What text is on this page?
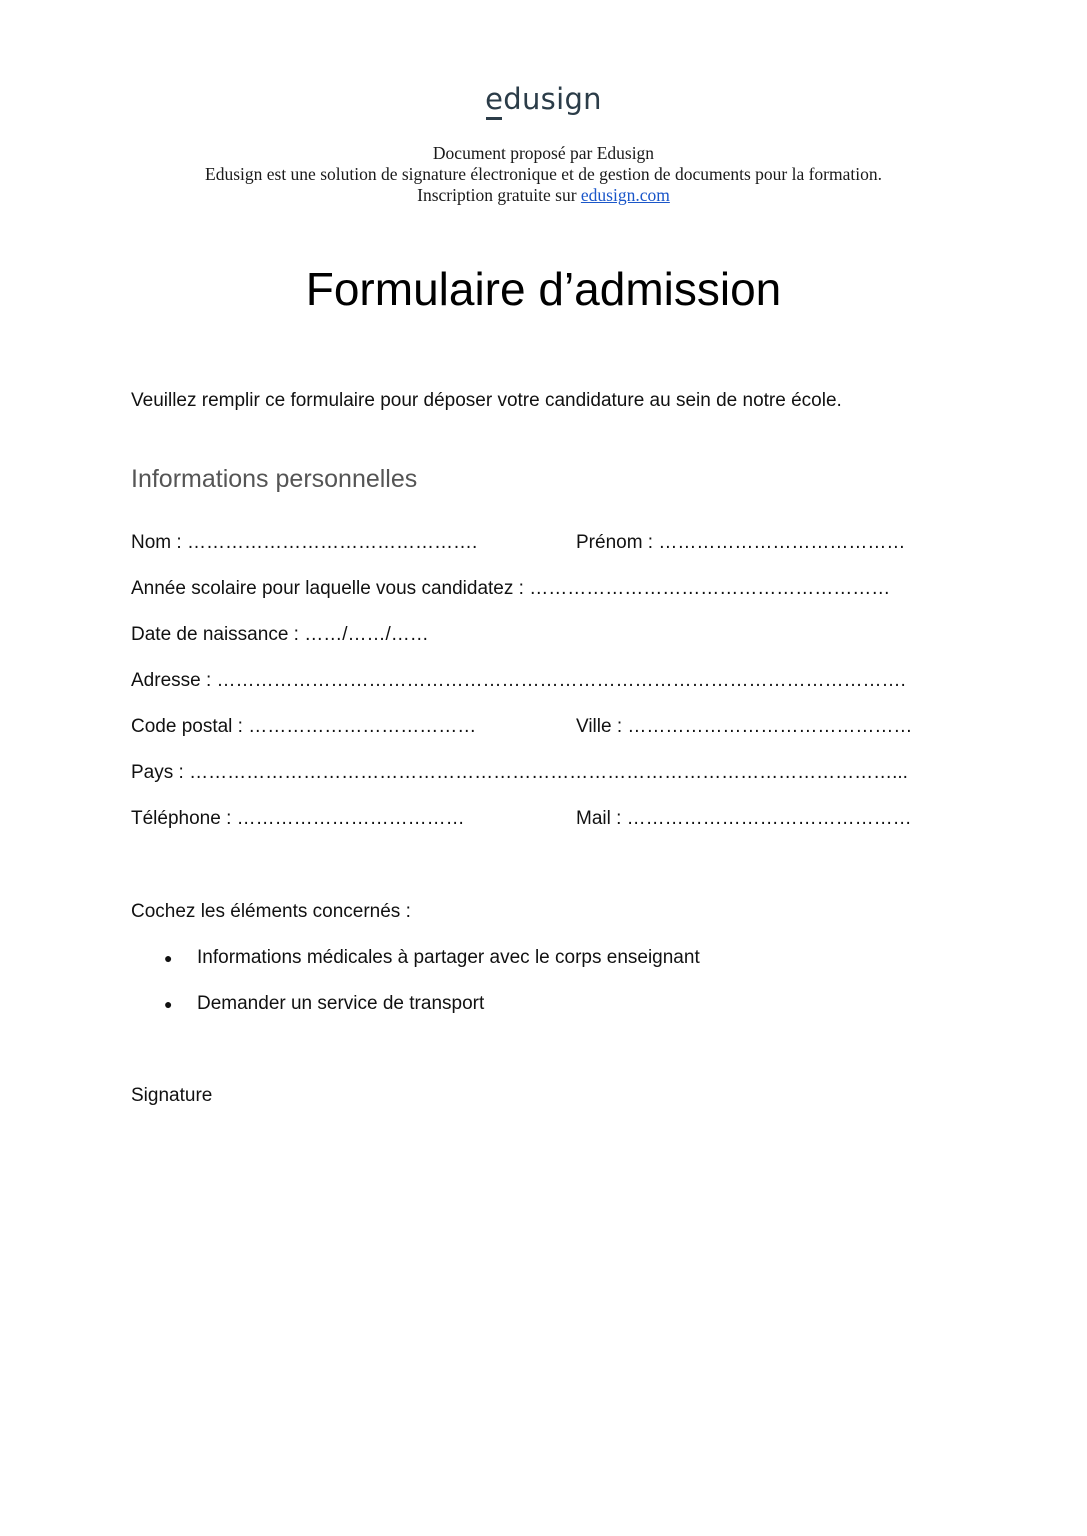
edusign
Document proposé par Edusign
Edusign est une solution de signature électronique et de gestion de documents pour la formation.
Inscription gratuite sur edusign.com
Formulaire d’admission
Veuillez remplir ce formulaire pour déposer votre candidature au sein de notre école.
Informations personnelles
Nom : ……………………………………….	Prénom : …………………………………
Année scolaire pour laquelle vous candidatez : …………………………………………………
Date de naissance : ……/……/……
Adresse : ……………………………………………………………………………………………….
Code postal : ………………………………	Ville : ………………………………………
Pays : …………………………………………………………………………………………………...
Téléphone : ………………………………	Mail : ………………………………………
Cochez les éléments concernés :
● Informations médicales à partager avec le corps enseignant
● Demander un service de transport
Signature
